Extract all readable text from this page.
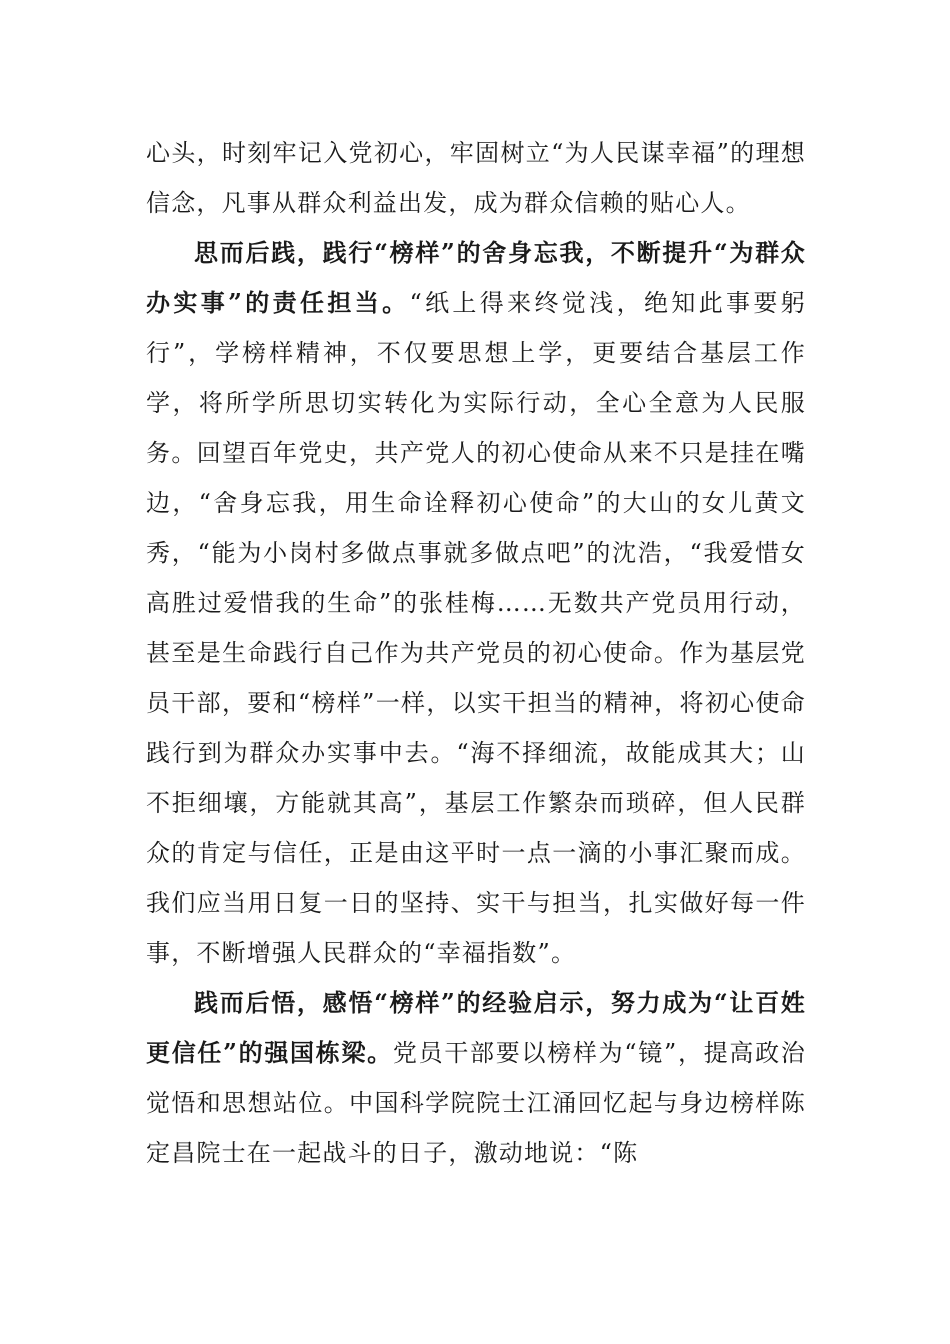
心头，时刻牢记入党初心，牢固树立“为人民谋幸福”的理想信念，凡事从群众利益出发，成为群众信赖的贴心人。

思而后践，践行“榜样”的舍身忘我，不断提升“为群众办实事”的责任担当。“纸上得来终觉浅，绝知此事要躬行”，学榜样精神，不仅要思想上学，更要结合基层工作学，将所学所思切实转化为实际行动，全心全意为人民服务。回望百年党史，共产党人的初心使命从来不只是挂在嘴边，“舍身忘我，用生命诠释初心使命”的大山的女儿黄文秀，“能为小岗村多做点事就多做点吧”的沈浩，“我爱惜女高胜过爱惜我的生命”的张桂梅……无数共产党员用行动，甚至是生命践行自己作为共产党员的初心使命。作为基层党员干部，要和“榜样”一样，以实干担当的精神，将初心使命践行到为群众办实事中去。“海不择细流，故能成其大；山不拒细壤，方能就其高”，基层工作繁杂而琐碎，但人民群众的肯定与信任，正是由这平时一点一滴的小事汇聚而成。我们应当用日复一日的坚持、实干与担当，扎实做好每一件事，不断增强人民群众的“幸福指数”。

践而后悟，感悟“榜样”的经验启示，努力成为“让百姓更信任”的强国栋梁。党员干部要以榜样为“镜”，提高政治觉悟和思想站位。中国科学院院士江涌回忆起与身边榜样陈定昌院士在一起战斗的日子，激动地说：“陈
